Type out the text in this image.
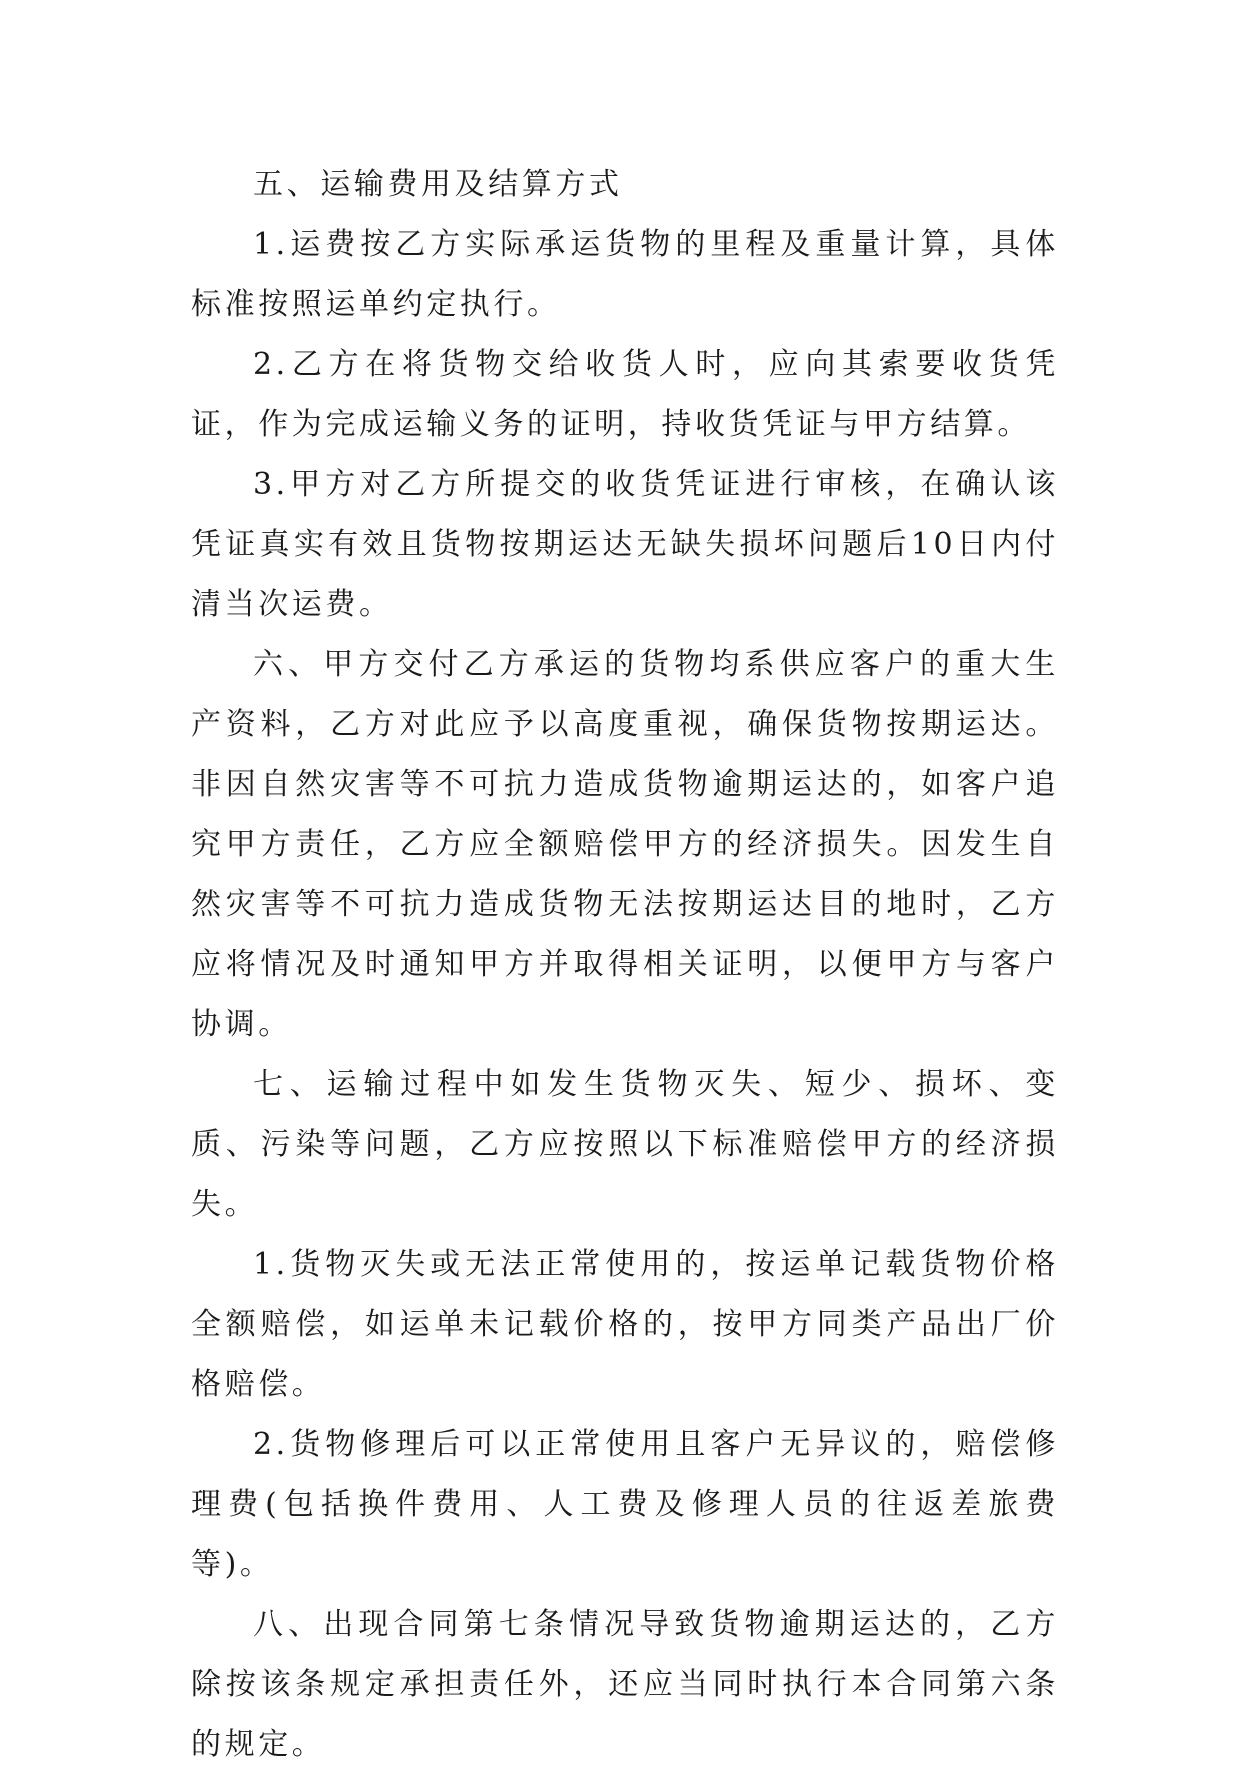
五、运输费用及结算方式

1.运费按乙方实际承运货物的里程及重量计算，具体标准按照运单约定执行。

2.乙方在将货物交给收货人时，应向其索要收货凭证，作为完成运输义务的证明，持收货凭证与甲方结算。

3.甲方对乙方所提交的收货凭证进行审核，在确认该凭证真实有效且货物按期运达无缺失损坏问题后10日内付清当次运费。

六、甲方交付乙方承运的货物均系供应客户的重大生产资料，乙方对此应予以高度重视，确保货物按期运达。非因自然灾害等不可抗力造成货物逾期运达的，如客户追究甲方责任，乙方应全额赔偿甲方的经济损失。因发生自然灾害等不可抗力造成货物无法按期运达目的地时，乙方应将情况及时通知甲方并取得相关证明，以便甲方与客户协调。

七、运输过程中如发生货物灭失、短少、损坏、变质、污染等问题，乙方应按照以下标准赔偿甲方的经济损失。

1.货物灭失或无法正常使用的，按运单记载货物价格全额赔偿，如运单未记载价格的，按甲方同类产品出厂价格赔偿。

2.货物修理后可以正常使用且客户无异议的，赔偿修理费(包括换件费用、人工费及修理人员的往返差旅费等)。

八、出现合同第七条情况导致货物逾期运达的，乙方除按该条规定承担责任外，还应当同时执行本合同第六条的规定。
